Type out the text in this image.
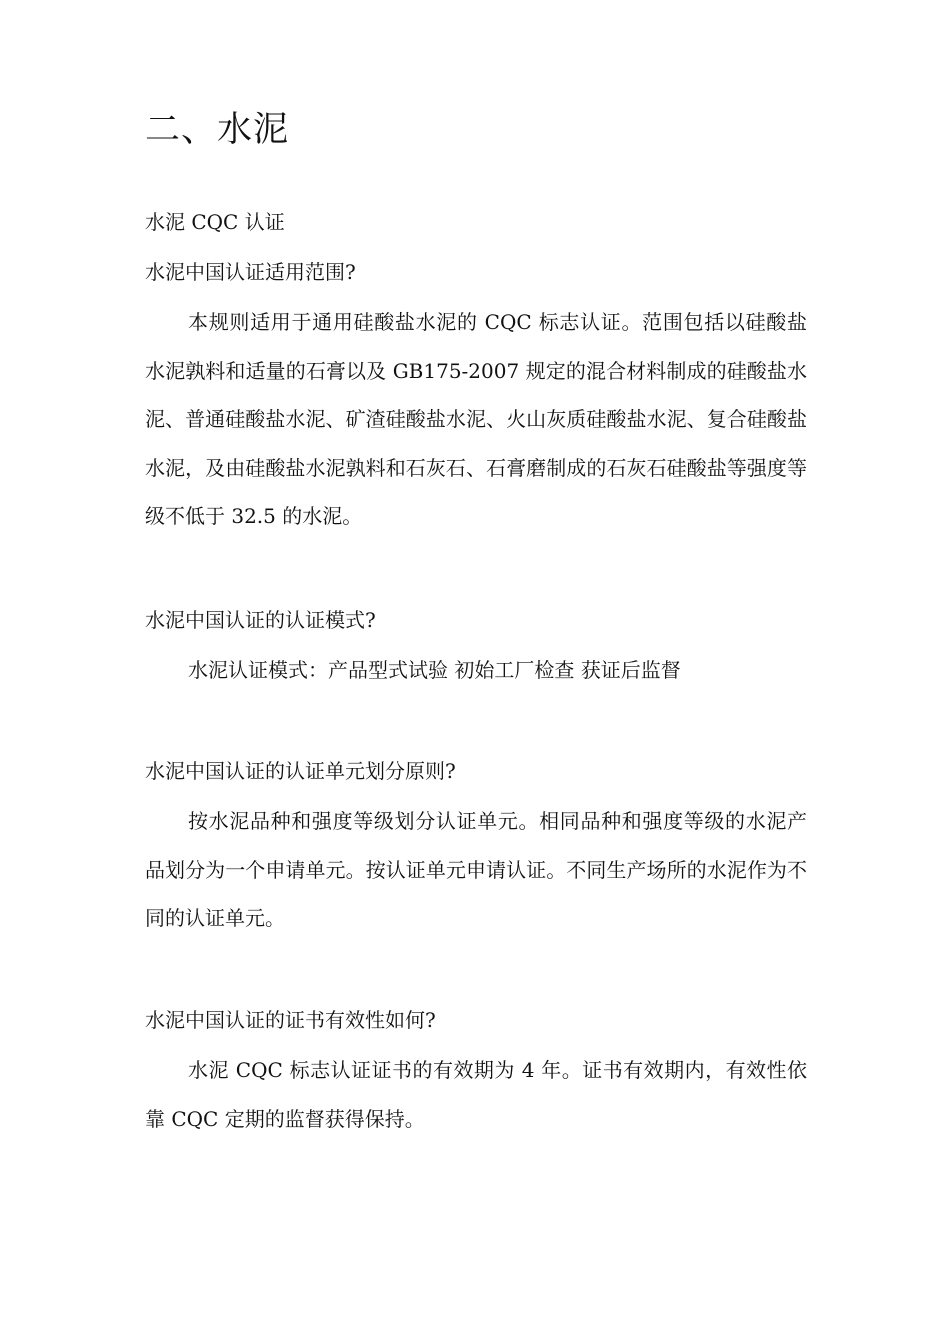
二、水泥
水泥 CQC 认证
水泥中国认证适用范围?
本规则适用于通用硅酸盐水泥的 CQC 标志认证。范围包括以硅酸盐水泥孰料和适量的石膏以及 GB175-2007 规定的混合材料制成的硅酸盐水泥、普通硅酸盐水泥、矿渣硅酸盐水泥、火山灰质硅酸盐水泥、复合硅酸盐水泥，及由硅酸盐水泥孰料和石灰石、石膏磨制成的石灰石硅酸盐等强度等级不低于 32.5 的水泥。
水泥中国认证的认证模式?
水泥认证模式：产品型式试验 初始工厂检查 获证后监督
水泥中国认证的认证单元划分原则?
按水泥品种和强度等级划分认证单元。相同品种和强度等级的水泥产品划分为一个申请单元。按认证单元申请认证。不同生产场所的水泥作为不同的认证单元。
水泥中国认证的证书有效性如何?
水泥 CQC 标志认证证书的有效期为 4 年。证书有效期内，有效性依靠 CQC 定期的监督获得保持。
